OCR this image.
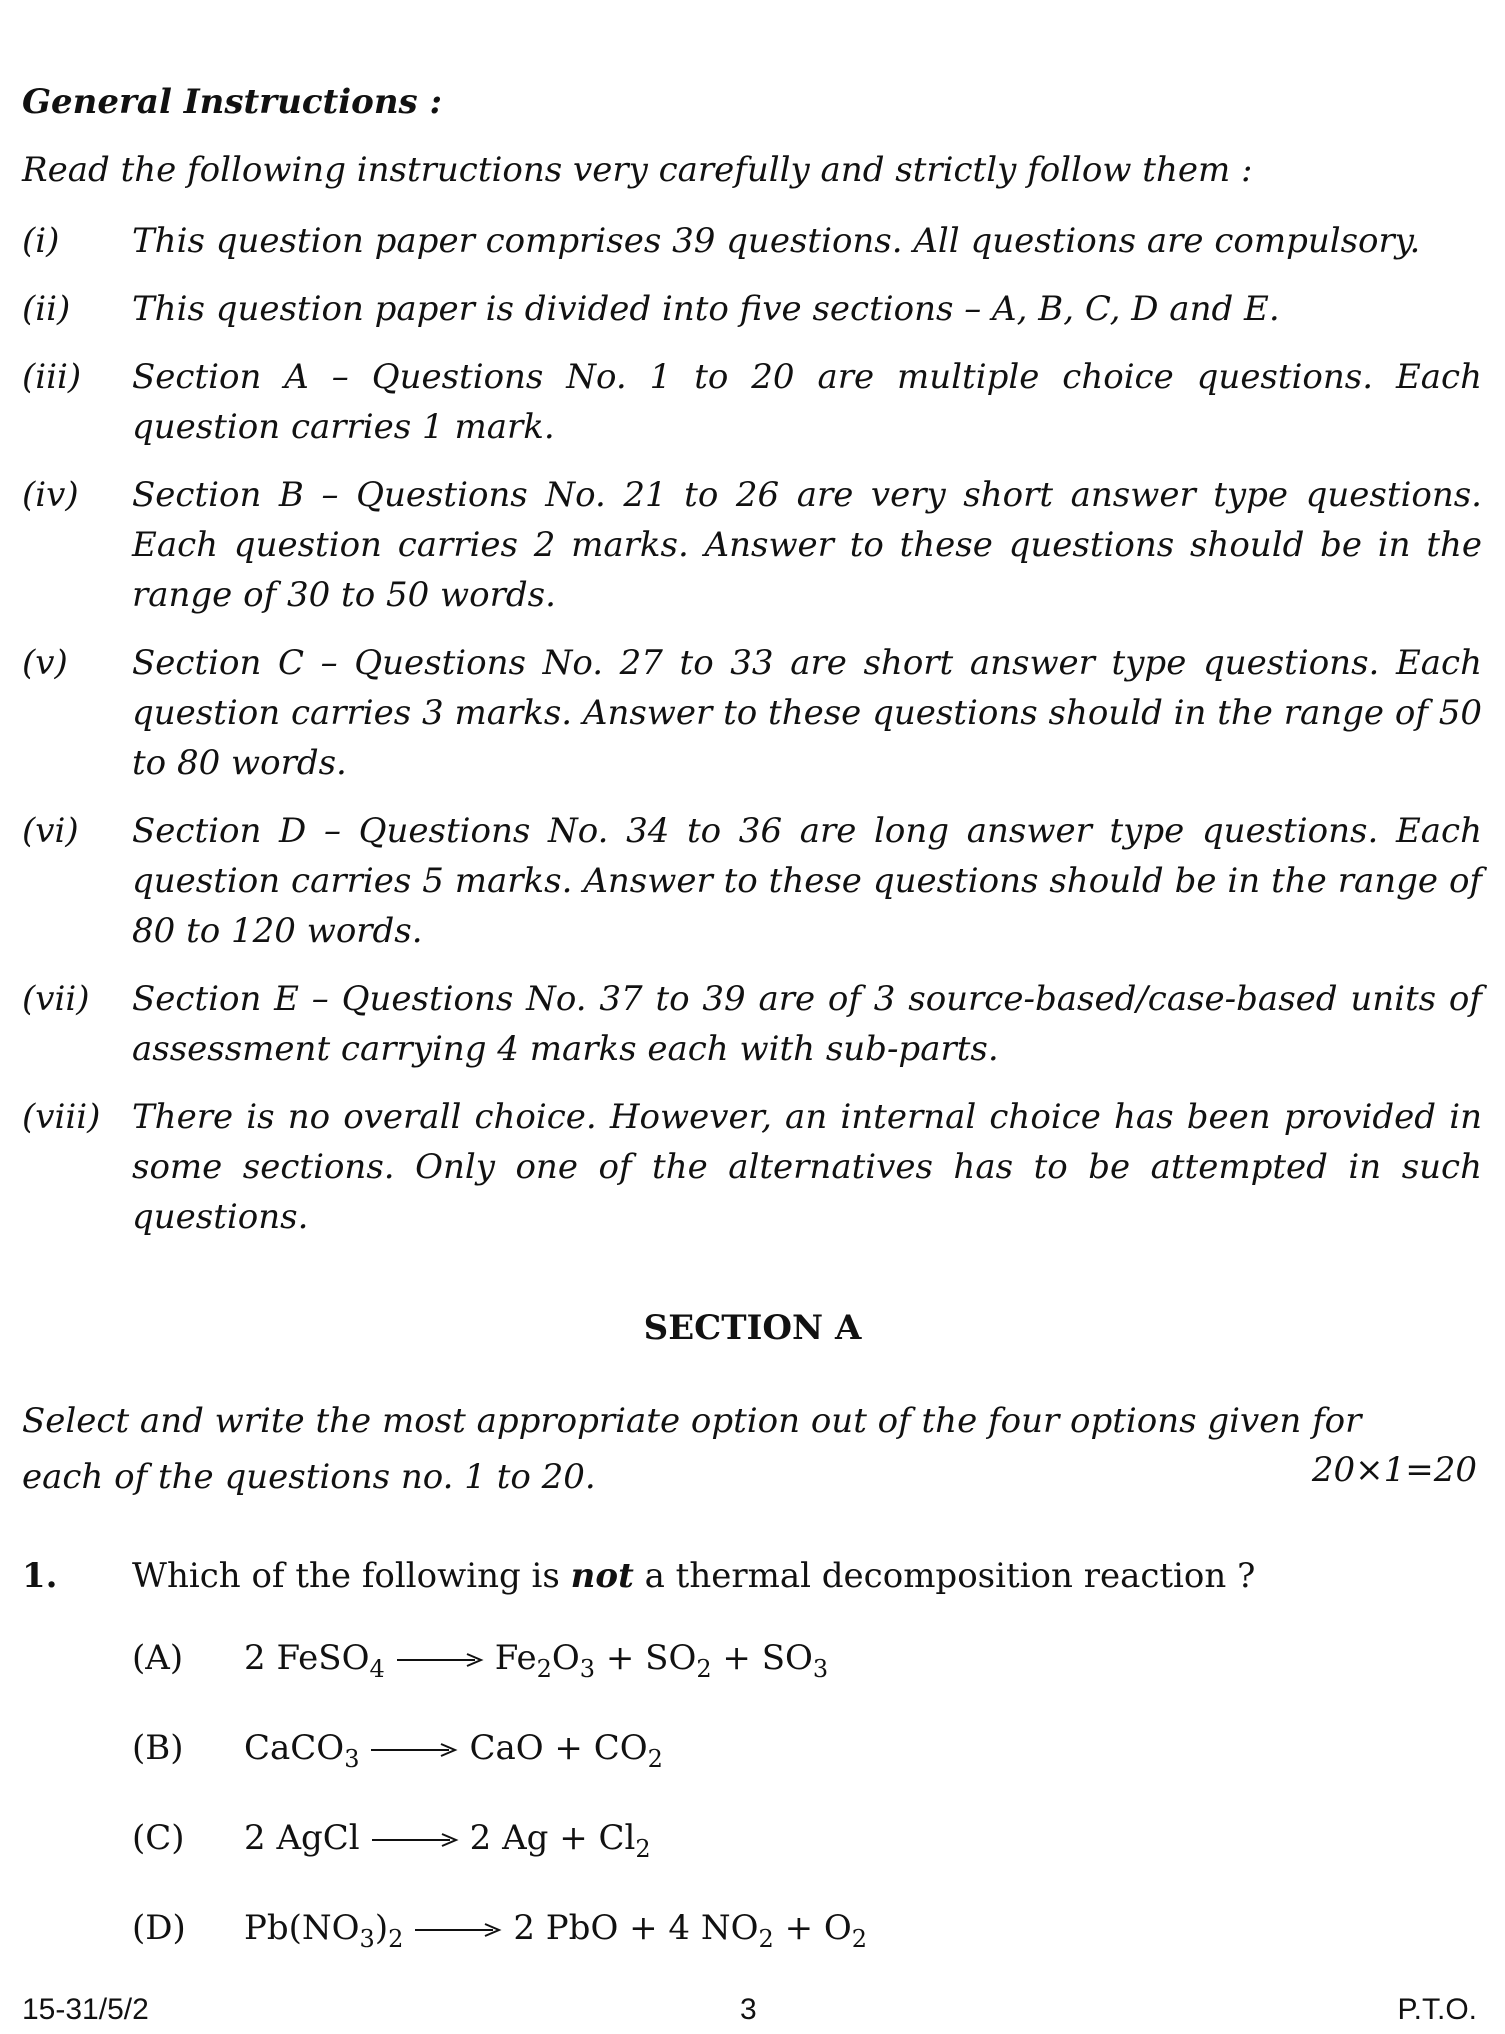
General Instructions :
Read the following instructions very carefully and strictly follow them :
(i)	This question paper comprises 39 questions. All questions are compulsory.
(ii)	This question paper is divided into five sections – A, B, C, D and E.
(iii)	Section A – Questions No. 1 to 20 are multiple choice questions. Each question carries 1 mark.
(iv)	Section B – Questions No. 21 to 26 are very short answer type questions. Each question carries 2 marks. Answer to these questions should be in the range of 30 to 50 words.
(v)	Section C – Questions No. 27 to 33 are short answer type questions. Each question carries 3 marks. Answer to these questions should in the range of 50 to 80 words.
(vi)	Section D – Questions No. 34 to 36 are long answer type questions. Each question carries 5 marks. Answer to these questions should be in the range of 80 to 120 words.
(vii)	Section E – Questions No. 37 to 39 are of 3 source-based/case-based units of assessment carrying 4 marks each with sub-parts.
(viii) There is no overall choice. However, an internal choice has been provided in some sections. Only one of the alternatives has to be attempted in such questions.
SECTION A
Select and write the most appropriate option out of the four options given for
each of the questions no. 1 to 20.	20×1=20
1. Which of the following is not a thermal decomposition reaction ?
(A) 2 FeSO$_4$ → $Fe_2O_3 + SO_2 + SO_3$
(B) CaCO$_3$ → CaO + $CO_2$
(C) 2 AgCl → 2 $Ag + Cl_2$
(D) $Pb(NO_3)_2 \to 2$ PbO + 4 $NO_2 + O_2$
15-31/5/2	3	P.T.O.
